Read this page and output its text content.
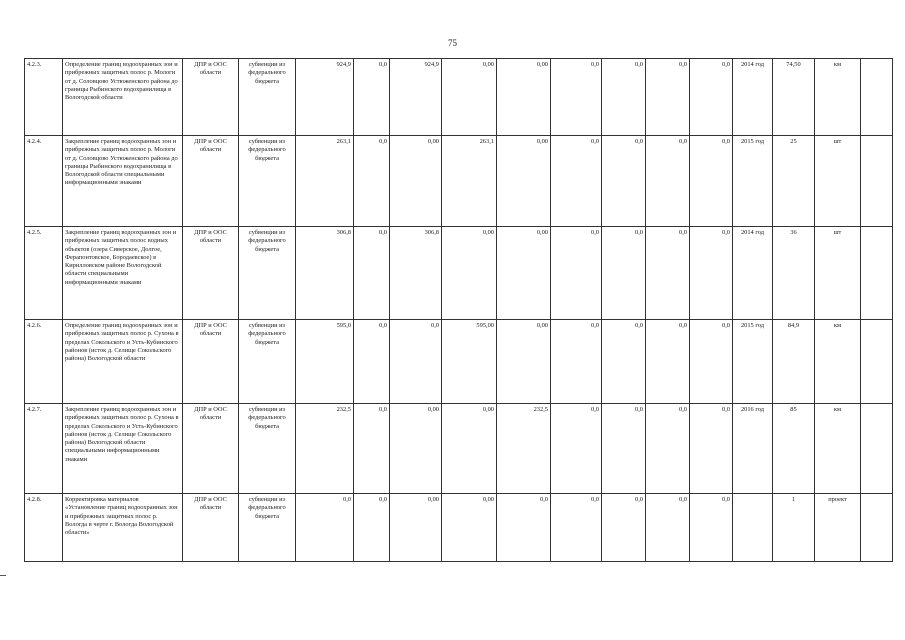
75
4.2.3.	Определение границ водоохранных зон и прибрежных защитных полос р. Мологи от д. Соловцово Устюженского района до границы Рыбинского водохранилища в Вологодской области	ДПР и ООС области	субвенции из федерального бюджета	924,9	0,0	924,9	0,00	0,00	0,0	0,0	0,0	0,0	2014 год	74,50	км	
4.2.4.	Закрепление границ водоохранных зон и прибрежных защитных полос р. Мологи от д. Соловцово Устюженского района до границы Рыбинского водохранилища в Вологодской области специальными информационными знаками	ДПР и ООС области	субвенции из федерального бюджета	263,1	0,0	0,00	263,1	0,00	0,0	0,0	0,0	0,0	2015 год	25	шт	
4.2.5.	Закрепление границ водоохранных зон и прибрежных защитных полос водных объектов (озера Сиверское, Долгое, Ферапонтовское, Бородаевское) в Кирилловском районе Вологодской области специальными информационными знаками	ДПР и ООС области	субвенции из федерального бюджета	306,8	0,0	306,8	0,00	0,00	0,0	0,0	0,0	0,0	2014 год	36	шт	
4.2.6.	Определение границ водоохранных зон и прибрежных защитных полос р. Сухона в пределах Сокольского и Усть-Кубинского районов (исток д. Селище Сокольского района) Вологодской области	ДПР и ООС области	субвенции из федерального бюджета	595,0	0,0	0,0	595,00	0,00	0,0	0,0	0,0	0,0	2015 год	84,9	км	
4.2.7.	Закрепление границ водоохранных зон и прибрежных защитных полос р. Сухона в пределах Сокольского и Усть-Кубинского районов (исток д. Селище Сокольского района) Вологодской области специальными информационными знаками	ДПР и ООС области	субвенции из федерального бюджета	232,5	0,0	0,00	0,00	232,5	0,0	0,0	0,0	0,0	2016 год	85	км	
4.2.8.	Корректировка материалов «Установление границ водоохранных зон и прибрежных защитных полос р. Вологда в черте г. Вологда Вологодской области»	ДПР и ООС области	субвенции из федерального бюджета	0,0	0,0	0,00	0,00	0,0	0,0	0,0	0,0	0,0		1	проект	
